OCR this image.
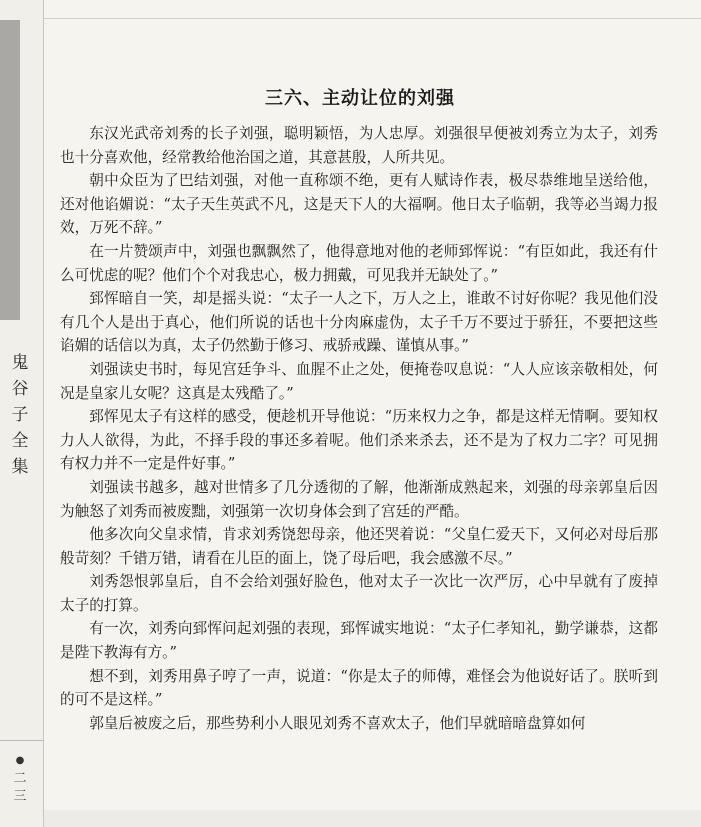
鬼
谷
子
全
集
●
二
三
三六、主动让位的刘强

东汉光武帝刘秀的长子刘强，聪明颖悟，为人忠厚。刘强很早便被刘秀立为太子，刘秀也十分喜欢他，经常教给他治国之道，其意甚殷，人所共见。

朝中众臣为了巴结刘强，对他一直称颂不绝，更有人赋诗作表，极尽恭维地呈送给他，还对他谄媚说：“太子天生英武不凡，这是天下人的大福啊。他日太子临朝，我等必当竭力报效，万死不辞。”

在一片赞颂声中，刘强也飘飘然了，他得意地对他的老师郅恽说：“有臣如此，我还有什么可忧虑的呢？他们个个对我忠心，极力拥戴，可见我并无缺处了。”

郅恽暗自一笑，却是摇头说：“太子一人之下，万人之上，谁敢不讨好你呢？我见他们没有几个人是出于真心，他们所说的话也十分肉麻虚伪，太子千万不要过于骄狂，不要把这些谄媚的话信以为真，太子仍然勤于修习、戒骄戒躁、谨慎从事。”

刘强读史书时，每见宫廷争斗、血腥不止之处，便掩卷叹息说：“人人应该亲敬相处，何况是皇家儿女呢？这真是太残酷了。”

郅恽见太子有这样的感受，便趁机开导他说：“历来权力之争，都是这样无情啊。要知权力人人欲得，为此，不择手段的事还多着呢。他们杀来杀去，还不是为了权力二字？可见拥有权力并不一定是件好事。”

刘强读书越多，越对世情多了几分透彻的了解，他渐渐成熟起来，刘强的母亲郭皇后因为触怒了刘秀而被废黜，刘强第一次切身体会到了宫廷的严酷。

他多次向父皇求情，肯求刘秀饶恕母亲，他还哭着说：“父皇仁爱天下，又何必对母后那般苛刻？千错万错，请看在儿臣的面上，饶了母后吧，我会感激不尽。”

刘秀怨恨郭皇后，自不会给刘强好脸色，他对太子一次比一次严厉，心中早就有了废掉太子的打算。

有一次，刘秀向郅恽问起刘强的表现，郅恽诚实地说：“太子仁孝知礼，勤学谦恭，这都是陛下教海有方。”

想不到，刘秀用鼻子哼了一声，说道：“你是太子的师傅，难怪会为他说好话了。朕听到的可不是这样。”

郭皇后被废之后，那些势利小人眼见刘秀不喜欢太子，他们早就暗暗盘算如何
